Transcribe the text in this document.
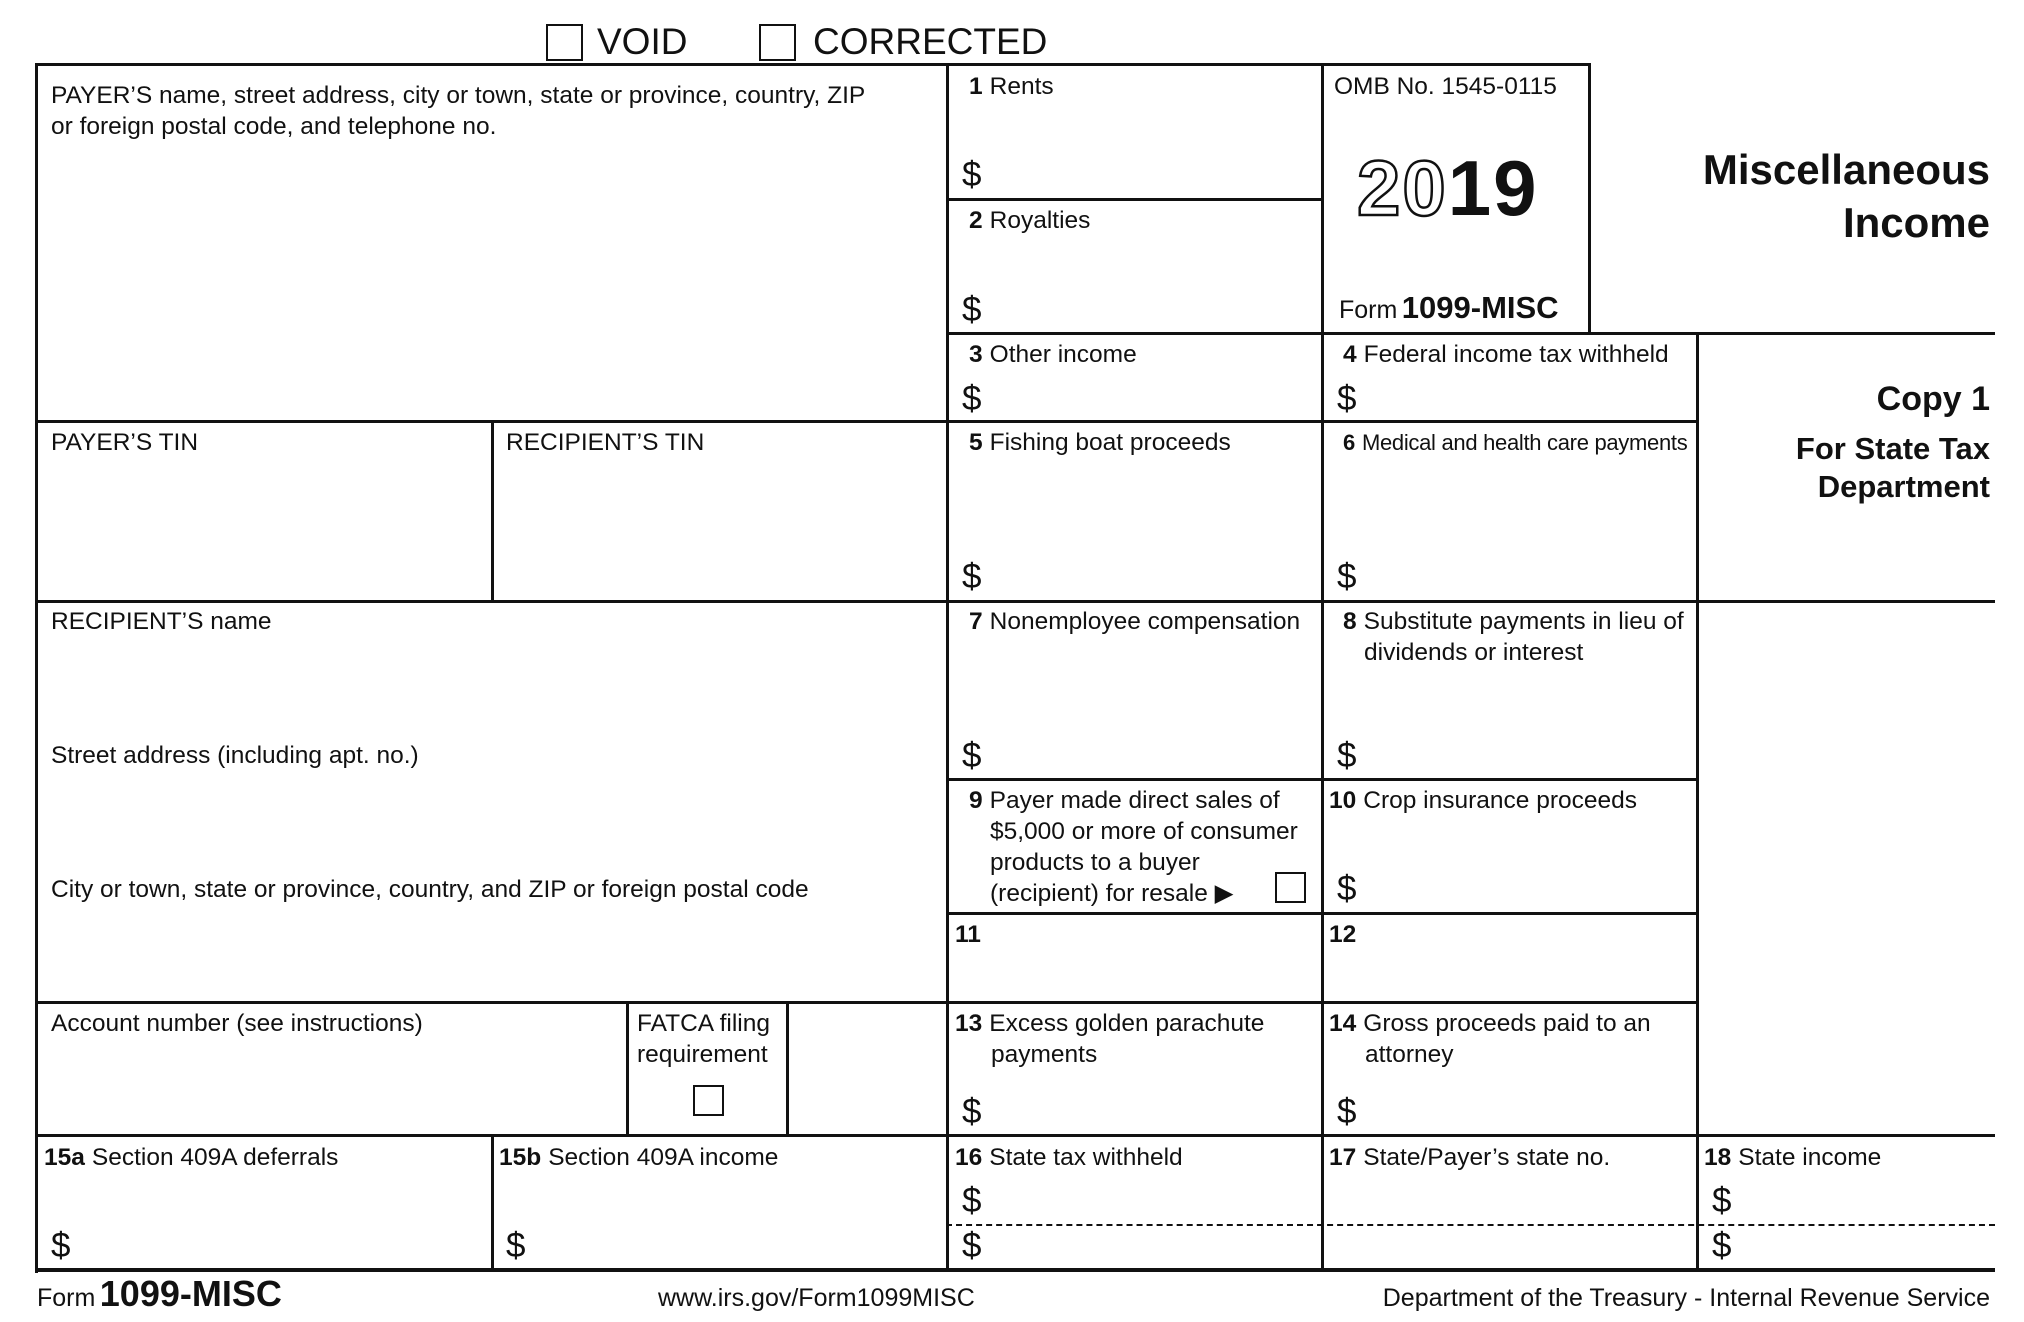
VOID	CORRECTED
PAYER’S name, street address, city or town, state or province, country, ZIP
or foreign postal code, and telephone no.
PAYER’S TIN	RECIPIENT’S TIN
RECIPIENT’S name
Street address (including apt. no.)
City or town, state or province, country, and ZIP or foreign postal code
Account number (see instructions)	FATCA filing
requirement
1 Rents
$
2 Royalties
$
OMB No. 1545-0115
2019
Form 1099-MISC
Miscellaneous
Income
Copy 1
For State Tax
Department
3 Other income
$
4 Federal income tax withheld
$
5 Fishing boat proceeds
$
6 Medical and health care payments
$
7 Nonemployee compensation
$
8 Substitute payments in lieu of
dividends or interest
$
9 Payer made direct sales of
$5,000 or more of consumer
products to a buyer
(recipient) for resale ▶
10 Crop insurance proceeds
$
11	12
13 Excess golden parachute
payments
$
14 Gross proceeds paid to an
attorney
$
15a Section 409A deferrals
$
15b Section 409A income
$
16 State tax withheld
$
$
17 State/Payer’s state no.	18 State income
$
$
Form 1099-MISC	www.irs.gov/Form1099MISC	Department of the Treasury - Internal Revenue Service
